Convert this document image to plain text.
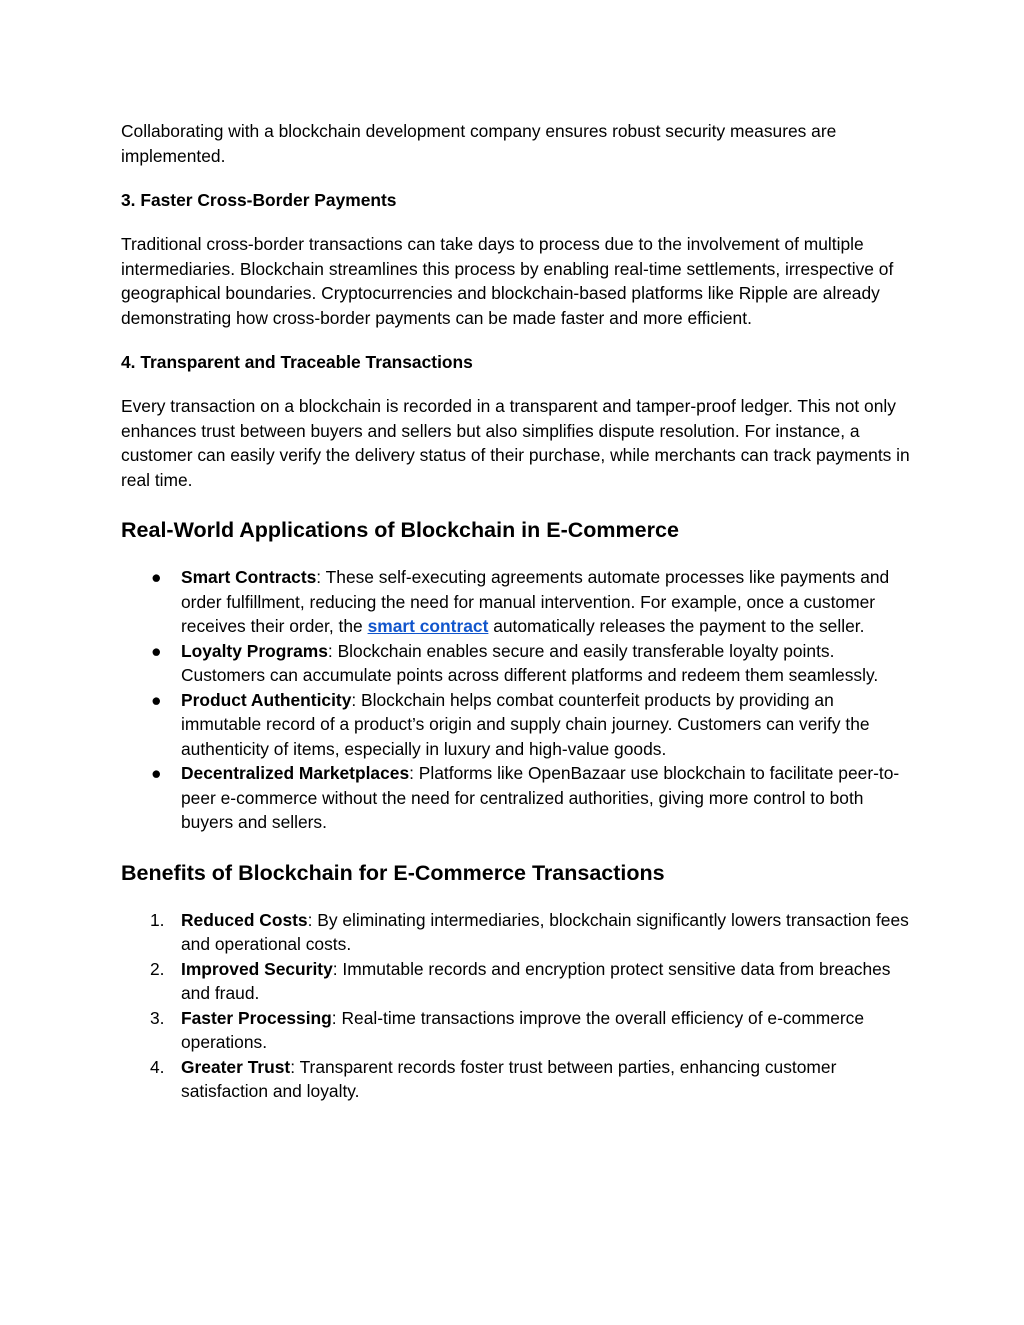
Collaborating with a blockchain development company ensures robust security measures are implemented.

3. Faster Cross-Border Payments

Traditional cross-border transactions can take days to process due to the involvement of multiple intermediaries. Blockchain streamlines this process by enabling real-time settlements, irrespective of geographical boundaries. Cryptocurrencies and blockchain-based platforms like Ripple are already demonstrating how cross-border payments can be made faster and more efficient.

4. Transparent and Traceable Transactions

Every transaction on a blockchain is recorded in a transparent and tamper-proof ledger. This not only enhances trust between buyers and sellers but also simplifies dispute resolution. For instance, a customer can easily verify the delivery status of their purchase, while merchants can track payments in real time.

Real-World Applications of Blockchain in E-Commerce
● Smart Contracts: These self-executing agreements automate processes like payments and order fulfillment, reducing the need for manual intervention. For example, once a customer receives their order, the smart contract automatically releases the payment to the seller.
● Loyalty Programs: Blockchain enables secure and easily transferable loyalty points. Customers can accumulate points across different platforms and redeem them seamlessly.
● Product Authenticity: Blockchain helps combat counterfeit products by providing an immutable record of a product’s origin and supply chain journey. Customers can verify the authenticity of items, especially in luxury and high-value goods.
● Decentralized Marketplaces: Platforms like OpenBazaar use blockchain to facilitate peer-to-peer e-commerce without the need for centralized authorities, giving more control to both buyers and sellers.
Benefits of Blockchain for E-Commerce Transactions
1. Reduced Costs: By eliminating intermediaries, blockchain significantly lowers transaction fees and operational costs.
2. Improved Security: Immutable records and encryption protect sensitive data from breaches and fraud.
3. Faster Processing: Real-time transactions improve the overall efficiency of e-commerce operations.
4. Greater Trust: Transparent records foster trust between parties, enhancing customer satisfaction and loyalty.
